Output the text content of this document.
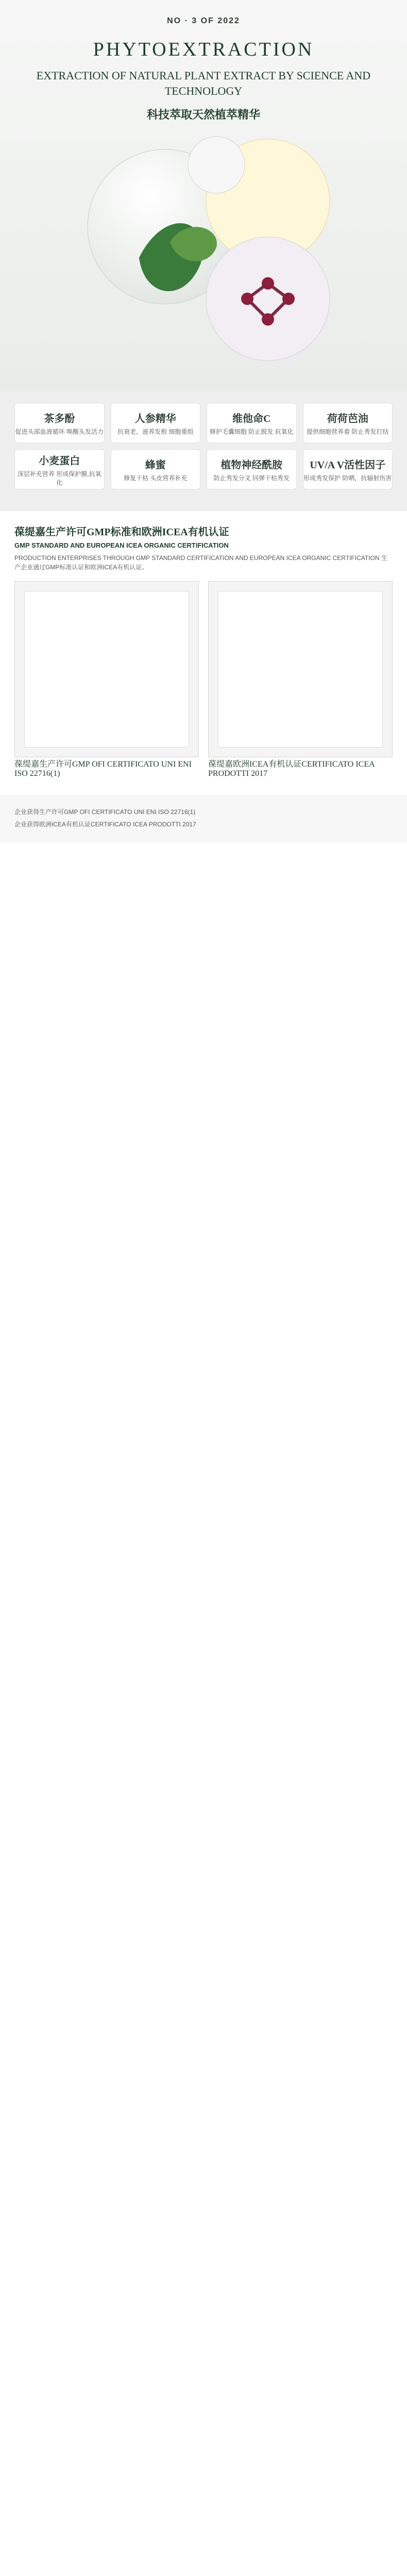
NO · 3 OF 2022
PHYTOEXTRACTION
EXTRACTION OF NATURAL PLANT EXTRACT BY SCIENCE AND TECHNOLOGY
科技萃取天然植萃精华
茶多酚
促进头部血液循环 唤醒头发活力
人参精华
抗衰老，滋养发根 细胞重组
维他命C
修护毛囊细胞 防止脱发 抗氧化
荷荷芭油
提供细胞营养着 防止秀发打结
小麦蛋白
深层补充营养 形成保护膜,抗氧化
蜂蜜
修复干枯 头皮营养补充
植物神经酰胺
防止秀发分叉 回弹干枯秀发
UV/A V活性因子
形成秀发保护 防晒，抗辐射伤害
葆缇嘉生产许可GMP标准和欧洲ICEA有机认证
GMP STANDARD AND EUROPEAN ICEA ORGANIC CERTIFICATION
PRODUCTION ENTERPRISES THROUGH GMP STANDARD CERTIFICATION AND EUROPEAN ICEA ORGANIC CERTIFICATION 生产企业通过GMP标准认证和欧洲ICEA有机认证。
葆缇嘉生产许可GMP OFI CERTIFICATO UNI ENI ISO 22716(1)
葆缇嘉欧洲ICEA有机认证CERTIFICATO ICEA PRODOTTI 2017
企业获得生产许可GMP OFI CERTIFICATO UNI ENI ISO 22716(1)
企业获得欧洲ICEA有机认证CERTIFICATO ICEA PRODOTTI 2017
